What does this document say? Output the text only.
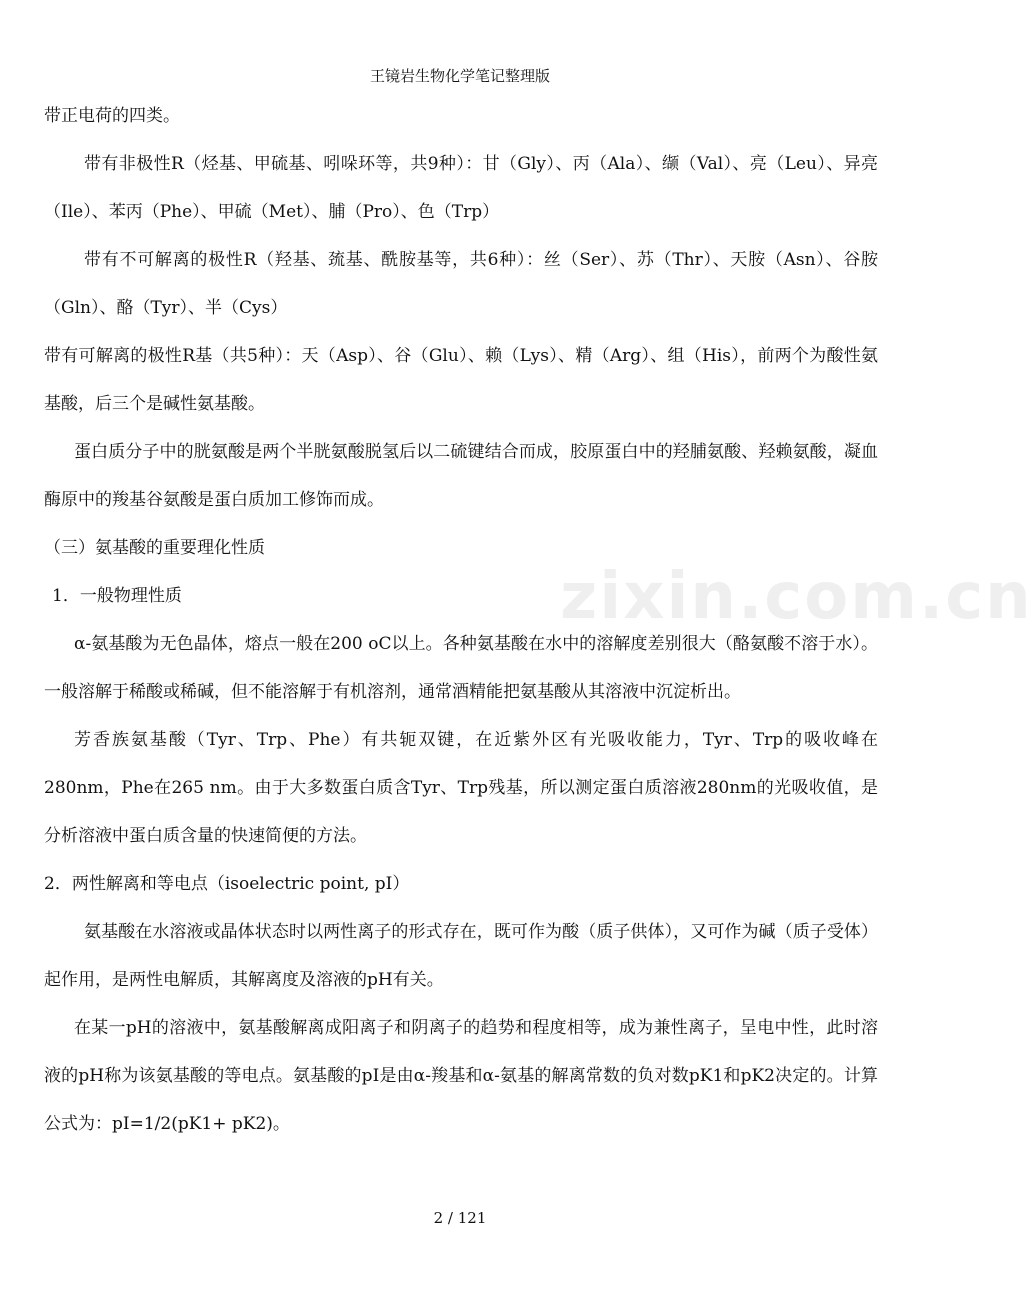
王镜岩生物化学笔记整理版
zixin.com.cn

带正电荷的四类。

带有非极性R（烃基、甲硫基、吲哚环等，共9种）：甘（Gly）、丙（Ala）、缬（Val）、亮（Leu）、异亮（Ile）、苯丙（Phe）、甲硫（Met）、脯（Pro）、色（Trp）

带有不可解离的极性R（羟基、巯基、酰胺基等，共6种）：丝（Ser）、苏（Thr）、天胺（Asn）、谷胺（Gln）、酪（Tyr）、半（Cys）

带有可解离的极性R基（共5种）：天（Asp）、谷（Glu）、赖（Lys）、精（Arg）、组（His），前两个为酸性氨基酸，后三个是碱性氨基酸。

蛋白质分子中的胱氨酸是两个半胱氨酸脱氢后以二硫键结合而成，胶原蛋白中的羟脯氨酸、羟赖氨酸，凝血酶原中的羧基谷氨酸是蛋白质加工修饰而成。

（三）氨基酸的重要理化性质

1．一般物理性质

α-氨基酸为无色晶体，熔点一般在200 oC以上。各种氨基酸在水中的溶解度差别很大（酪氨酸不溶于水）。一般溶解于稀酸或稀碱，但不能溶解于有机溶剂，通常酒精能把氨基酸从其溶液中沉淀析出。

芳香族氨基酸（Tyr、Trp、Phe）有共轭双键，在近紫外区有光吸收能力，Tyr、Trp的吸收峰在280nm，Phe在265 nm。由于大多数蛋白质含Tyr、Trp残基，所以测定蛋白质溶液280nm的光吸收值，是分析溶液中蛋白质含量的快速简便的方法。

2．两性解离和等电点（isoelectric point, pI）

氨基酸在水溶液或晶体状态时以两性离子的形式存在，既可作为酸（质子供体），又可作为碱（质子受体）起作用，是两性电解质，其解离度及溶液的pH有关。

在某一pH的溶液中，氨基酸解离成阳离子和阴离子的趋势和程度相等，成为兼性离子，呈电中性，此时溶液的pH称为该氨基酸的等电点。氨基酸的pI是由α-羧基和α-氨基的解离常数的负对数pK1和pK2决定的。计算公式为：pI=1/2(pK1+ pK2)。

2 / 121
